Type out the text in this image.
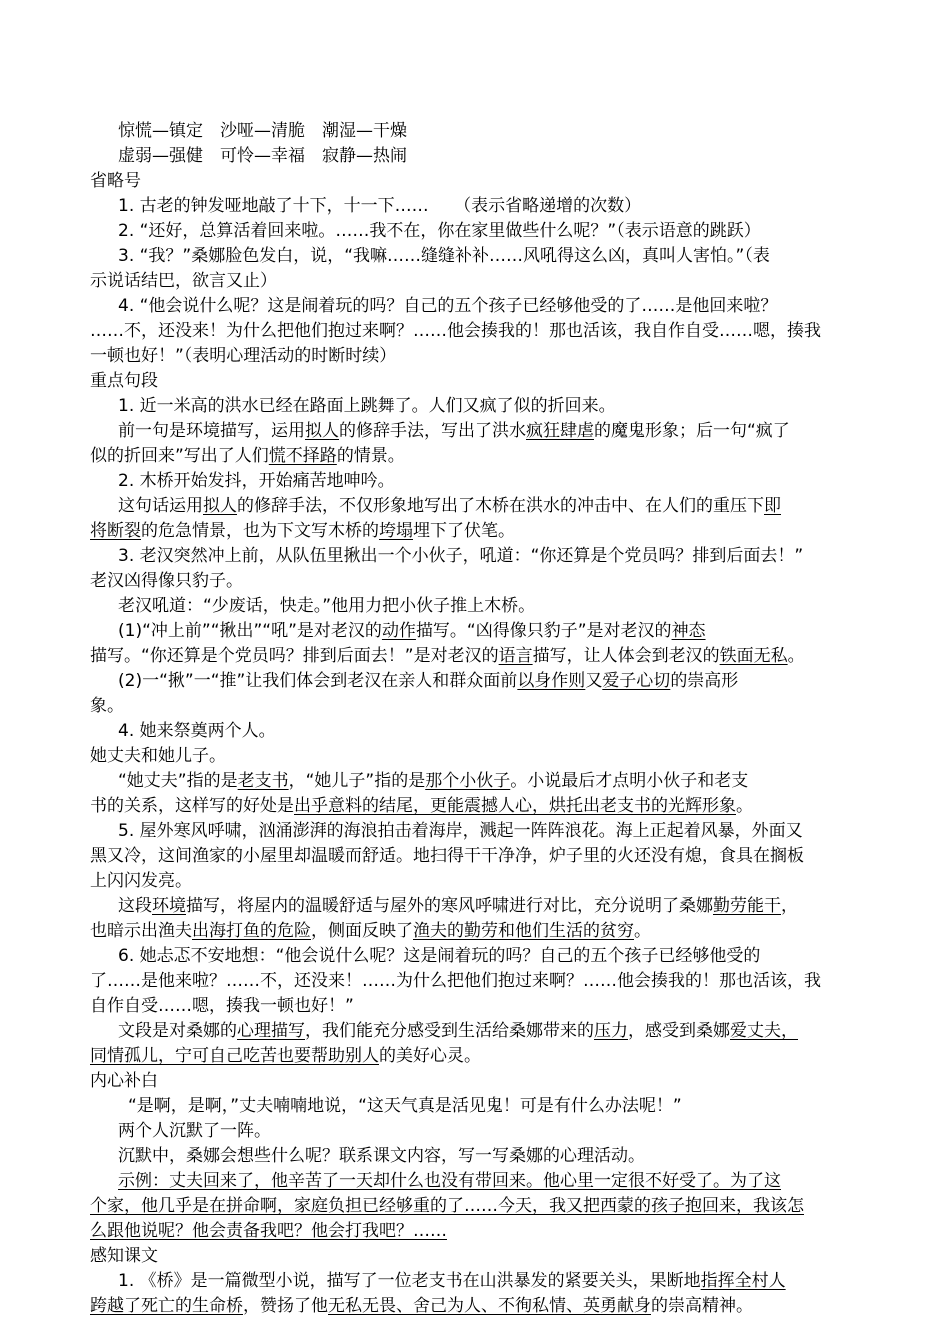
惊慌—镇定　沙哑—清脆　潮湿—干燥
虚弱—强健　可怜—幸福　寂静—热闹
省略号
1. 古老的钟发哑地敲了十下，十一下……　　（表示省略递增的次数）
2. “还好，总算活着回来啦。……我不在，你在家里做些什么呢？”（表示语意的跳跃）
3. “我？”桑娜脸色发白，说，“我嘛……缝缝补补……风吼得这么凶，真叫人害怕。”（表
示说话结巴，欲言又止）
4. “他会说什么呢？这是闹着玩的吗？自己的五个孩子已经够他受的了……是他回来啦？
……不，还没来！为什么把他们抱过来啊？……他会揍我的！那也活该，我自作自受……嗯，揍我
一顿也好！”（表明心理活动的时断时续）
重点句段
1. 近一米高的洪水已经在路面上跳舞了。人们又疯了似的折回来。
前一句是环境描写，运用拟人的修辞手法，写出了洪水疯狂肆虐的魔鬼形象；后一句“疯了
似的折回来”写出了人们慌不择路的情景。
2. 木桥开始发抖，开始痛苦地呻吟。
这句话运用拟人的修辞手法，不仅形象地写出了木桥在洪水的冲击中、在人们的重压下即
将断裂的危急情景，也为下文写木桥的垮塌埋下了伏笔。
3. 老汉突然冲上前，从队伍里揪出一个小伙子，吼道：“你还算是个党员吗？排到后面去！”
老汉凶得像只豹子。
老汉吼道：“少废话，快走。”他用力把小伙子推上木桥。
(1)“冲上前”“揪出”“吼”是对老汉的动作描写。“凶得像只豹子”是对老汉的神态
描写。“你还算是个党员吗？排到后面去！”是对老汉的语言描写，让人体会到老汉的铁面无私。
(2)一“揪”一“推”让我们体会到老汉在亲人和群众面前以身作则又爱子心切的崇高形
象。
4. 她来祭奠两个人。
她丈夫和她儿子。
“她丈夫”指的是老支书，“她儿子”指的是那个小伙子。小说最后才点明小伙子和老支
书的关系，这样写的好处是出乎意料的结尾，更能震撼人心，烘托出老支书的光辉形象。
5. 屋外寒风呼啸，汹涌澎湃的海浪拍击着海岸，溅起一阵阵浪花。海上正起着风暴，外面又
黑又冷，这间渔家的小屋里却温暖而舒适。地扫得干干净净，炉子里的火还没有熄，食具在搁板
上闪闪发亮。
这段环境描写，将屋内的温暖舒适与屋外的寒风呼啸进行对比，充分说明了桑娜勤劳能干，
也暗示出渔夫出海打鱼的危险，侧面反映了渔夫的勤劳和他们生活的贫穷。
6. 她忐忑不安地想：“他会说什么呢？这是闹着玩的吗？自己的五个孩子已经够他受的
了……是他来啦？……不，还没来！……为什么把他们抱过来啊？……他会揍我的！那也活该，我
自作自受……嗯，揍我一顿也好！”
文段是对桑娜的心理描写，我们能充分感受到生活给桑娜带来的压力，感受到桑娜爱丈夫，
同情孤儿，宁可自己吃苦也要帮助别人的美好心灵。
内心补白
“是啊，是啊，”丈夫喃喃地说，“这天气真是活见鬼！可是有什么办法呢！”
两个人沉默了一阵。
沉默中，桑娜会想些什么呢？联系课文内容，写一写桑娜的心理活动。
示例：丈夫回来了，他辛苦了一天却什么也没有带回来。他心里一定很不好受了。为了这
个家，他几乎是在拼命啊，家庭负担已经够重的了……今天，我又把西蒙的孩子抱回来，我该怎
么跟他说呢？他会责备我吧？他会打我吧？……
感知课文
1. 《桥》是一篇微型小说，描写了一位老支书在山洪暴发的紧要关头，果断地指挥全村人
跨越了死亡的生命桥，赞扬了他无私无畏、舍己为人、不徇私情、英勇献身的崇高精神。
